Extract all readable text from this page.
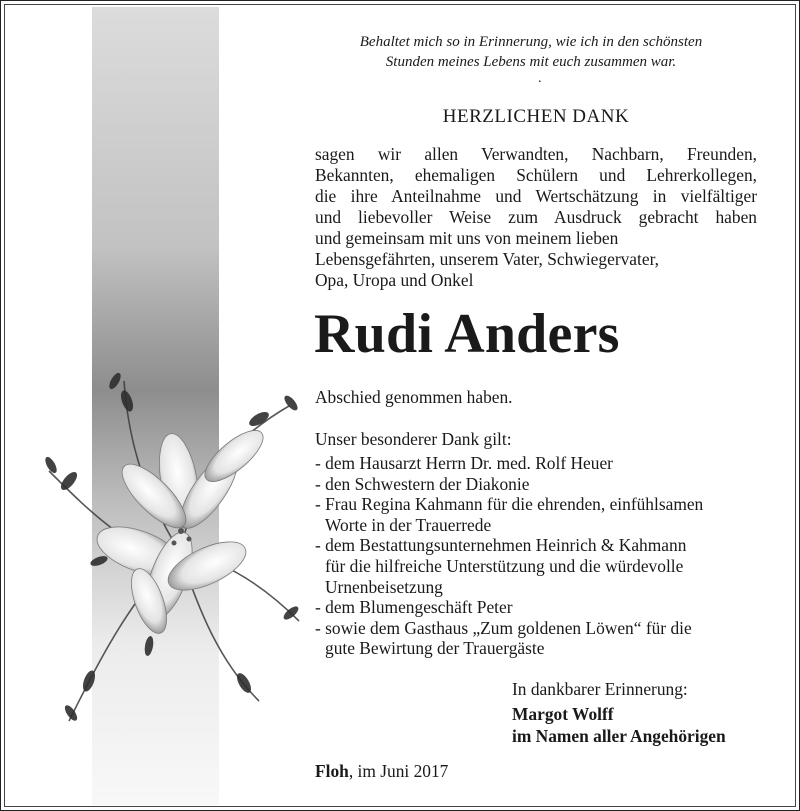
Behaltet mich so in Erinnerung, wie ich in den schönsten
Stunden meines Lebens mit euch zusammen war.
.
HERZLICHEN DANK
sagen wir allen Verwandten, Nachbarn, Freunden,
Bekannten, ehemaligen Schülern und Lehrerkollegen,
die ihre Anteilnahme und Wertschätzung in vielfältiger
und liebevoller Weise zum Ausdruck gebracht haben
und gemeinsam mit uns von meinem lieben
Lebensgefährten, unserem Vater, Schwiegervater,
Opa, Uropa und Onkel
Rudi Anders
Abschied genommen haben.
Unser besonderer Dank gilt:
- dem Hausarzt Herrn Dr. med. Rolf Heuer
- den Schwestern der Diakonie
- Frau Regina Kahmann für die ehrenden, einfühlsamen
Worte in der Trauerrede
- dem Bestattungsunternehmen Heinrich & Kahmann
für die hilfreiche Unterstützung und die würdevolle
Urnenbeisetzung
- dem Blumengeschäft Peter
- sowie dem Gasthaus „Zum goldenen Löwen“ für die
gute Bewirtung der Trauergäste
In dankbarer Erinnerung:
Margot Wolff
im Namen aller Angehörigen
Floh, im Juni 2017
